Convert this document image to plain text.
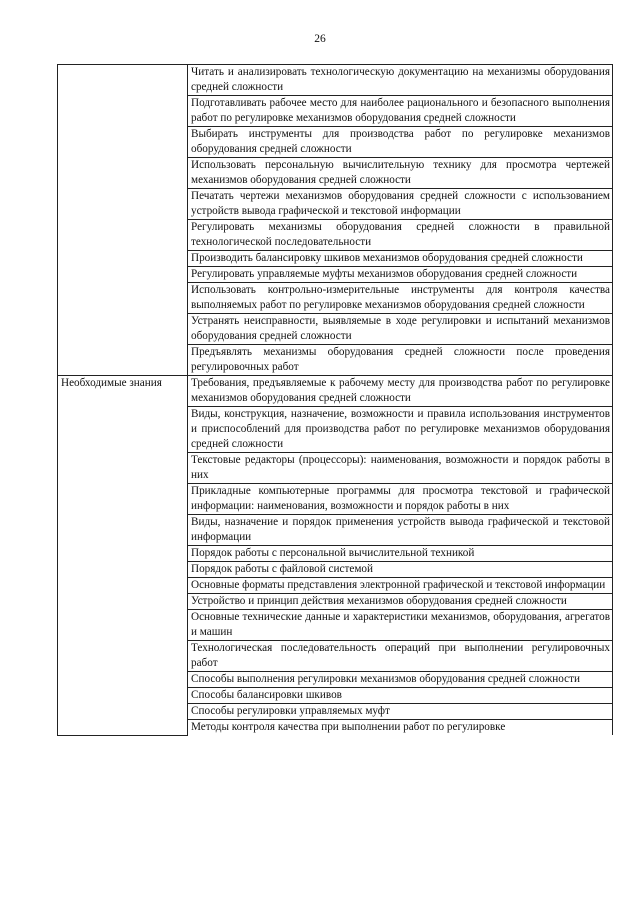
26
	Читать и анализировать технологическую документацию на механизмы оборудования средней сложности
	Подготавливать рабочее место для наиболее рационального и безопасного выполнения работ по регулировке механизмов оборудования средней сложности
	Выбирать инструменты для производства работ по регулировке механизмов оборудования средней сложности
	Использовать персональную вычислительную технику для просмотра чертежей механизмов оборудования средней сложности
	Печатать чертежи механизмов оборудования средней сложности с использованием устройств вывода графической и текстовой информации
	Регулировать механизмы оборудования средней сложности в правильной технологической последовательности
	Производить балансировку шкивов механизмов оборудования средней сложности
	Регулировать управляемые муфты механизмов оборудования средней сложности
	Использовать контрольно-измерительные инструменты для контроля качества выполняемых работ по регулировке механизмов оборудования средней сложности
	Устранять неисправности, выявляемые в ходе регулировки и испытаний механизмов оборудования средней сложности
	Предъявлять механизмы оборудования средней сложности после проведения регулировочных работ

Необходимые знания	Требования, предъявляемые к рабочему месту для производства работ по регулировке механизмов оборудования средней сложности
	Виды, конструкция, назначение, возможности и правила использования инструментов и приспособлений для производства работ по регулировке механизмов оборудования средней сложности
	Текстовые редакторы (процессоры): наименования, возможности и порядок работы в них
	Прикладные компьютерные программы для просмотра текстовой и графической информации: наименования, возможности и порядок работы в них
	Виды, назначение и порядок применения устройств вывода графической и текстовой информации
	Порядок работы с персональной вычислительной техникой
	Порядок работы с файловой системой
	Основные форматы представления электронной графической и текстовой информации
	Устройство и принцип действия механизмов оборудования средней сложности
	Основные технические данные и характеристики механизмов, оборудования, агрегатов и машин
	Технологическая последовательность операций при выполнении регулировочных работ
	Способы выполнения регулировки механизмов оборудования средней сложности
	Способы балансировки шкивов
	Способы регулировки управляемых муфт
	Методы контроля качества при выполнении работ по регулировке
